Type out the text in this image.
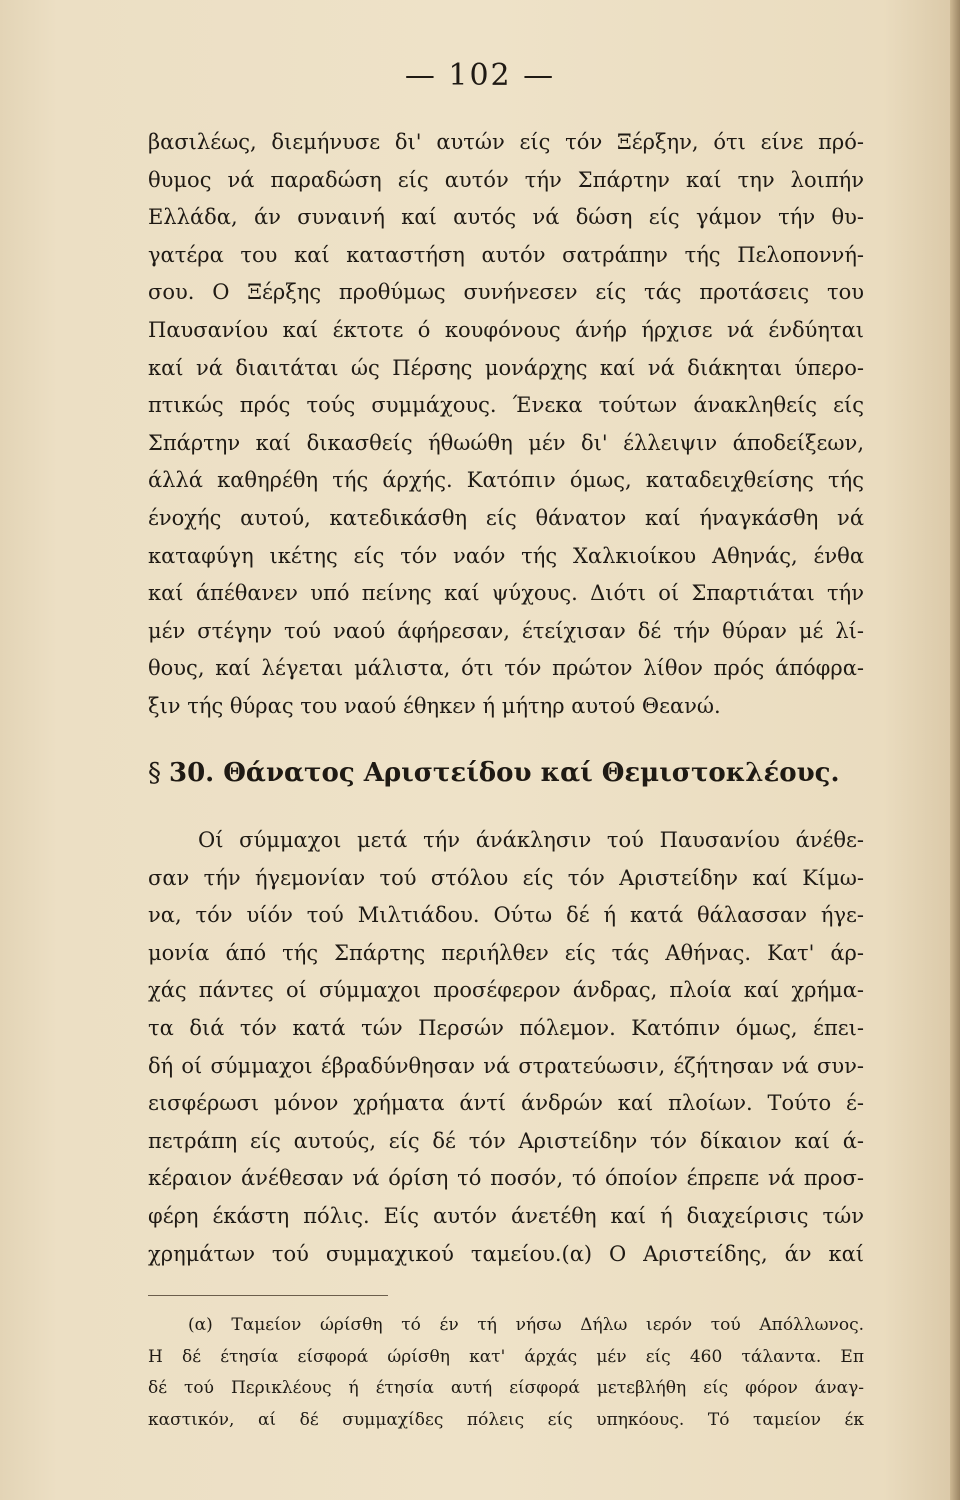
— 102 —
βασιλέως, διεμήνυσε δι' αυτών είς τόν Ξέρξην, ότι είνε πρό-
θυμος νά παραδώση είς αυτόν τήν Σπάρτην καί την λοιπήν
Ελλάδα, άν συναινή καί αυτός νά δώση είς γάμον τήν θυ-
γατέρα του καί καταστήση αυτόν σατράπην τής Πελοποννή-
σου. Ο Ξέρξης προθύμως συνήνεσεν είς τάς προτάσεις του
Παυσανίου καί έκτοτε ό κουφόνους άνήρ ήρχισε νά ένδύηται
καί νά διαιτάται ώς Πέρσης μονάρχης καί νά διάκηται ύπερο-
πτικώς πρός τούς συμμάχους. Ένεκα τούτων άνακληθείς είς
Σπάρτην καί δικασθείς ήθωώθη μέν δι' έλλειψιν άποδείξεων,
άλλά καθηρέθη τής άρχής. Κατόπιν όμως, καταδειχθείσης τής
ένοχής αυτού, κατεδικάσθη είς θάνατον καί ήναγκάσθη νά
καταφύγη ικέτης είς τόν ναόν τής Χαλκιοίκου Αθηνάς, ένθα
καί άπέθανεν υπό πείνης καί ψύχους. Διότι οί Σπαρτιάται τήν
μέν στέγην τού ναού άφήρεσαν, έτείχισαν δέ τήν θύραν μέ λί-
θους, καί λέγεται μάλιστα, ότι τόν πρώτον λίθον πρός άπόφρα-
ξιν τής θύρας του ναού έθηκεν ή μήτηρ αυτού Θεανώ.
§ 30. Θάνατος Αριστείδου καί Θεμιστοκλέους.
Οί σύμμαχοι μετά τήν άνάκλησιν τού Παυσανίου άνέθε-
σαν τήν ήγεμονίαν τού στόλου είς τόν Αριστείδην καί Κίμω-
να, τόν υίόν τού Μιλτιάδου. Ούτω δέ ή κατά θάλασσαν ήγε-
μονία άπό τής Σπάρτης περιήλθεν είς τάς Αθήνας. Κατ' άρ-
χάς πάντες οί σύμμαχοι προσέφερον άνδρας, πλοία καί χρήμα-
τα διά τόν κατά τών Περσών πόλεμον. Κατόπιν όμως, έπει-
δή οί σύμμαχοι έβραδύνθησαν νά στρατεύωσιν, έζήτησαν νά συν-
εισφέρωσι μόνον χρήματα άντί άνδρών καί πλοίων. Τούτο έ-
πετράπη είς αυτούς, είς δέ τόν Αριστείδην τόν δίκαιον καί ά-
κέραιον άνέθεσαν νά όρίση τό ποσόν, τό όποίον έπρεπε νά προσ-
φέρη έκάστη πόλις. Είς αυτόν άνετέθη καί ή διαχείρισις τών
χρημάτων τού συμμαχικού ταμείου.(α) Ο Αριστείδης, άν καί
(α) Ταμείον ώρίσθη τό έν τή νήσω Δήλω ιερόν τού Απόλλωνος.
Η δέ έτησία είσφορά ώρίσθη κατ' άρχάς μέν είς 460 τάλαντα. Επ
δέ τού Περικλέους ή έτησία αυτή είσφορά μετεβλήθη είς φόρον άναγ-
καστικόν, αί δέ συμμαχίδες πόλεις είς υπηκόους. Τό ταμείον έκ
